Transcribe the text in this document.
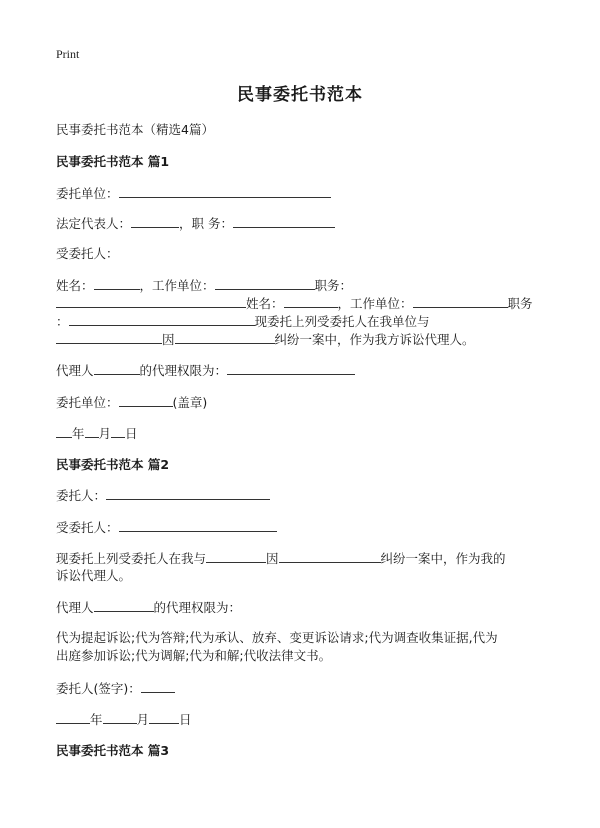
Print
民事委托书范本
民事委托书范本（精选4篇）
民事委托书范本 篇1
委托单位：
法定代表人：	，职 务：
受委托人：
姓名：	，工作单位：	职务：
姓名：	，工作单位：	职务
：	现委托上列受委托人在我单位与
因	纠纷一案中，作为我方诉讼代理人。
代理人	的代理权限为：
委托单位：	(盖章)
年 月 日
民事委托书范本 篇2
委托人：
受委托人：
现委托上列受委托人在我与	因	纠纷一案中，作为我的
诉讼代理人。
代理人	的代理权限为：
代为提起诉讼;代为答辩;代为承认、放弃、变更诉讼请求;代为调查收集证据,代为
出庭参加诉讼;代为调解;代为和解;代收法律文书。
委托人(签字)：
年	月 日
民事委托书范本 篇3
